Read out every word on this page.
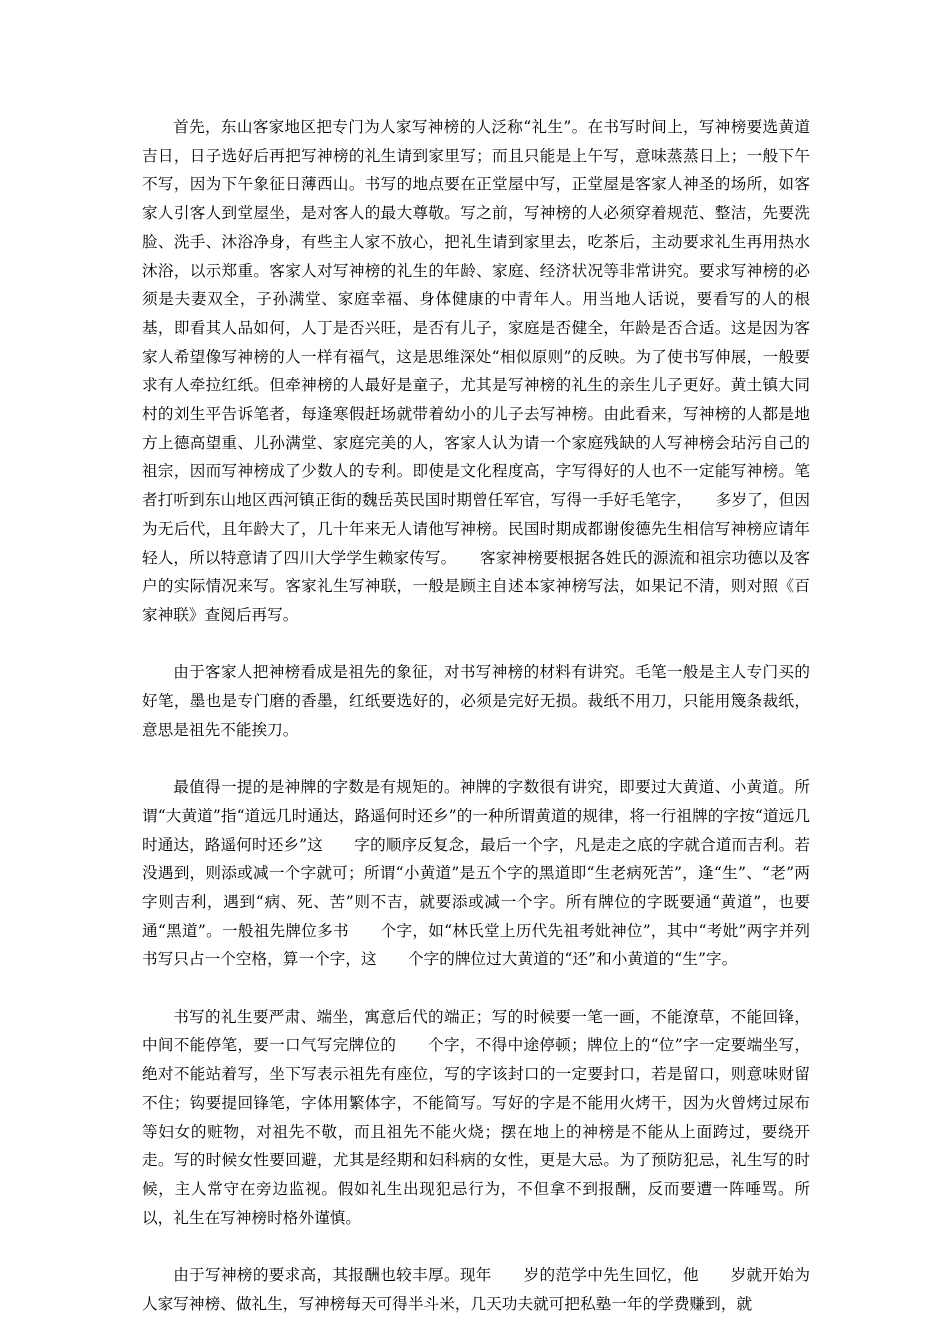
首先，东山客家地区把专门为人家写神榜的人泛称“礼生”。在书写时间上，写神榜要选黄道吉日，日子选好后再把写神榜的礼生请到家里写；而且只能是上午写，意味蒸蒸日上；一般下午不写，因为下午象征日薄西山。书写的地点要在正堂屋中写，正堂屋是客家人神圣的场所，如客家人引客人到堂屋坐，是对客人的最大尊敬。写之前，写神榜的人必须穿着规范、整洁，先要洗脸、洗手、沐浴净身，有些主人家不放心，把礼生请到家里去，吃茶后，主动要求礼生再用热水沐浴，以示郑重。客家人对写神榜的礼生的年龄、家庭、经济状况等非常讲究。要求写神榜的必须是夫妻双全，子孙满堂、家庭幸福、身体健康的中青年人。用当地人话说，要看写的人的根基，即看其人品如何，人丁是否兴旺，是否有儿子，家庭是否健全，年龄是否合适。这是因为客家人希望像写神榜的人一样有福气，这是思维深处“相似原则”的反映。为了使书写伸展，一般要求有人牵拉红纸。但牵神榜的人最好是童子，尤其是写神榜的礼生的亲生儿子更好。黄土镇大同村的刘生平告诉笔者，每逢寒假赶场就带着幼小的儿子去写神榜。由此看来，写神榜的人都是地方上德高望重、儿孙满堂、家庭完美的人，客家人认为请一个家庭残缺的人写神榜会玷污自己的祖宗，因而写神榜成了少数人的专利。即使是文化程度高，字写得好的人也不一定能写神榜。笔者打听到东山地区西河镇正街的魏岳英民国时期曾任军官，写得一手好毛笔字，　　多岁了，但因为无后代，且年龄大了，几十年来无人请他写神榜。民国时期成都谢俊德先生相信写神榜应请年轻人，所以特意请了四川大学学生赖家传写。　　客家神榜要根据各姓氏的源流和祖宗功德以及客户的实际情况来写。客家礼生写神联，一般是顾主自述本家神榜写法，如果记不清，则对照《百家神联》查阅后再写。

由于客家人把神榜看成是祖先的象征，对书写神榜的材料有讲究。毛笔一般是主人专门买的好笔，墨也是专门磨的香墨，红纸要选好的，必须是完好无损。裁纸不用刀，只能用篾条裁纸，意思是祖先不能挨刀。

最值得一提的是神牌的字数是有规矩的。神牌的字数很有讲究，即要过大黄道、小黄道。所谓“大黄道”指“道远几时通达，路遥何时还乡”的一种所谓黄道的规律，将一行祖牌的字按“道远几时通达，路遥何时还乡”这　　字的顺序反复念，最后一个字，凡是走之底的字就合道而吉利。若没遇到，则添或减一个字就可；所谓“小黄道”是五个字的黑道即“生老病死苦”，逢“生”、“老”两字则吉利，遇到“病、死、苦”则不吉，就要添或减一个字。所有牌位的字既要通“黄道”，也要通“黑道”。一般祖先牌位多书　　个字，如“林氏堂上历代先祖考妣神位”，其中“考妣”两字并列书写只占一个空格，算一个字，这　　个字的牌位过大黄道的“还”和小黄道的“生”字。

书写的礼生要严肃、端坐，寓意后代的端正；写的时候要一笔一画，不能潦草，不能回锋，中间不能停笔，要一口气写完牌位的　　个字，不得中途停顿；牌位上的“位”字一定要端坐写，绝对不能站着写，坐下写表示祖先有座位，写的字该封口的一定要封口，若是留口，则意味财留不住；钩要提回锋笔，字体用繁体字，不能简写。写好的字是不能用火烤干，因为火曾烤过尿布等妇女的赃物，对祖先不敬，而且祖先不能火烧；摆在地上的神榜是不能从上面跨过，要绕开走。写的时候女性要回避，尤其是经期和妇科病的女性，更是大忌。为了预防犯忌，礼生写的时候，主人常守在旁边监视。假如礼生出现犯忌行为，不但拿不到报酬，反而要遭一阵唾骂。所以，礼生在写神榜时格外谨慎。

由于写神榜的要求高，其报酬也较丰厚。现年　　岁的范学中先生回忆，他　　岁就开始为人家写神榜、做礼生，写神榜每天可得半斗米，几天功夫就可把私塾一年的学费赚到，就
